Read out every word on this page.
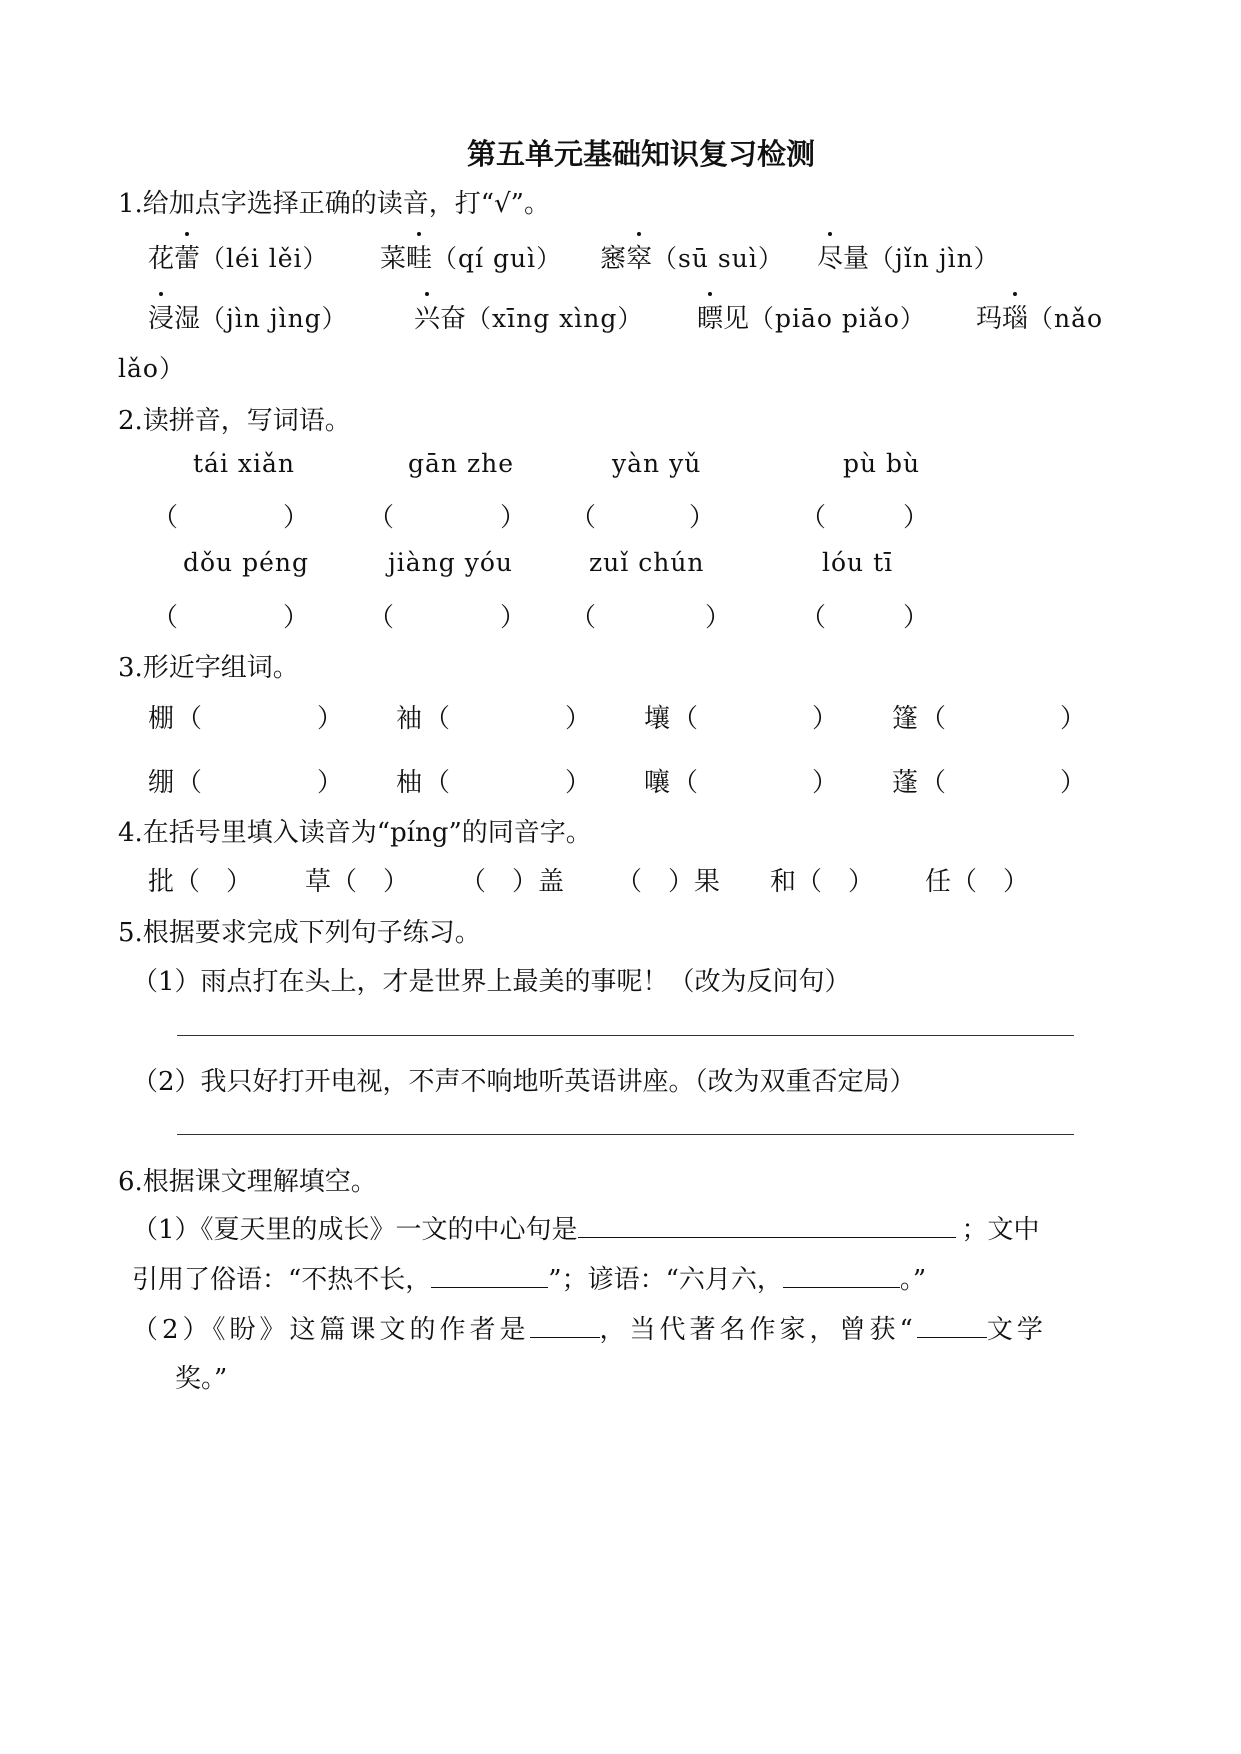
第五单元基础知识复习检测
1.给加点字选择正确的读音，打“√”。
花蕾（léi lěi） 菜畦（qí guì） 窸窣（sū suì） 尽量（jǐn jìn）
浸湿（jìn jìng）	兴奋（xīng xìng） 瞟见（piāo piǎo） 玛瑙（nǎo
lǎo）
2.读拼音，写词语。
tái xiǎn	gān zhe	yàn yǔ	pù bù
（	） （	） （	）	（	）
dǒu péng	jiàng yóu	zuǐ chún	lóu tī
（	） （	） （	）	（	）
3.形近字组词。
棚 （	） 袖 （	） 壤 （	） 篷 （	）
绷 （	） 柚 （	） 嚷 （	） 蓬 （	）
4.在括号里填入读音为“píng”的同音字。
批（　） 草（　） （　）盖 （　）果 和（　） 任（　）
5.根据要求完成下列句子练习。
（1）雨点打在头上，才是世界上最美的事呢！（改为反问句）
（2）我只好打开电视，不声不响地听英语讲座。（改为双重否定局）
6.根据课文理解填空。
（1）《夏天里的成长》一文的中心句是	；文中
引用了俗语：“不热不长，	”；谚语：“六月六，	。”
（2）《盼》这篇课文的作者是	，当代著名作家，曾获“	文学
奖。”
